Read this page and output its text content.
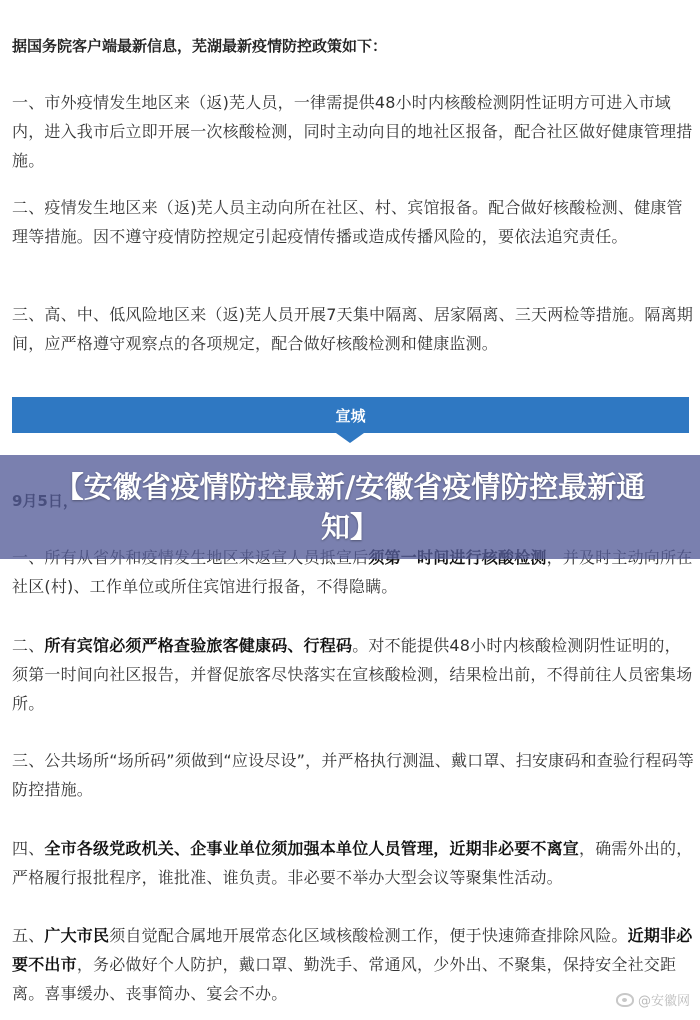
据国务院客户端最新信息，芜湖最新疫情防控政策如下：

一、市外疫情发生地区来（返)芜人员，一律需提供48小时内核酸检测阴性证明方可进入市域内，进入我市后立即开展一次核酸检测，同时主动向目的地社区报备，配合社区做好健康管理措施。

二、疫情发生地区来（返)芜人员主动向所在社区、村、宾馆报备。配合做好核酸检测、健康管理等措施。因不遵守疫情防控规定引起疫情传播或造成传播风险的，要依法追究责任。

三、高、中、低风险地区来（返)芜人员开展7天集中隔离、居家隔离、三天两检等措施。隔离期间，应严格遵守观察点的各项规定，配合做好核酸检测和健康监测。

宣城

社区(村)、工作单位或所住宾馆进行报备，不得隐瞒。

二、所有宾馆必须严格查验旅客健康码、行程码。对不能提供48小时内核酸检测阴性证明的，须第一时间向社区报告，并督促旅客尽快落实在宣核酸检测，结果检出前，不得前往人员密集场所。

三、公共场所“场所码”须做到“应设尽设”，并严格执行测温、戴口罩、扫安康码和查验行程码等防控措施。

四、全市各级党政机关、企事业单位须加强本单位人员管理，近期非必要不离宣，确需外出的，严格履行报批程序，谁批准、谁负责。非必要不举办大型会议等聚集性活动。

五、广大市民须自觉配合属地开展常态化区域核酸检测工作，便于快速筛查排除风险。近期非必要不出市，务必做好个人防护，戴口罩、勤洗手、常通风，少外出、不聚集，保持安全社交距离。喜事缓办、丧事简办、宴会不办。

【安徽省疫情防控最新/安徽省疫情防控最新通知】
@安徽网
